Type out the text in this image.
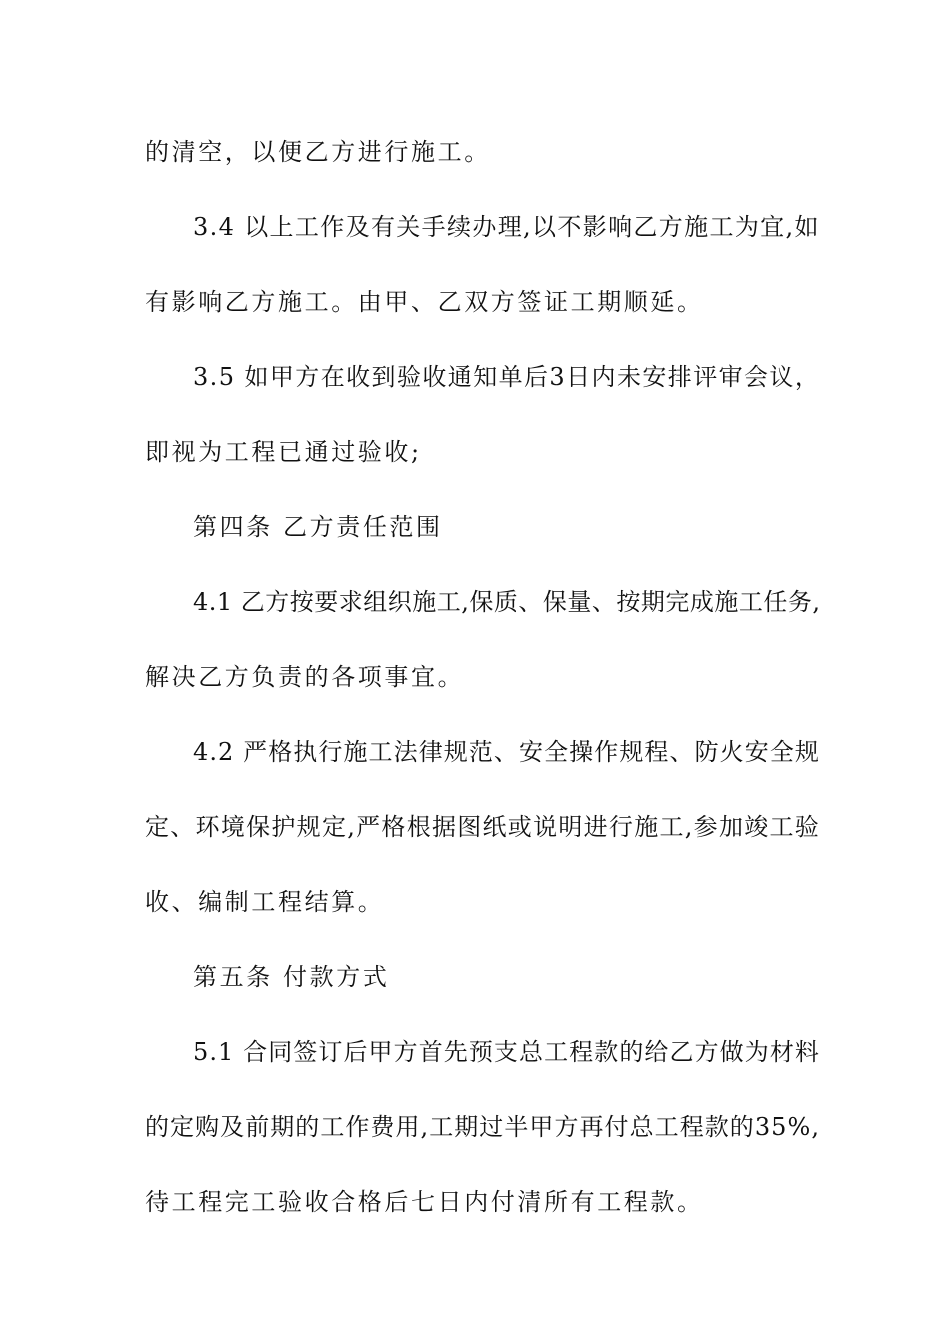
的清空，以便乙方进行施工。
3.4 以上工作及有关手续办理,以不影响乙方施工为宜,如
有影响乙方施工。由甲、乙双方签证工期顺延。
3.5 如甲方在收到验收通知单后3日内未安排评审会议，
即视为工程已通过验收;
第四条 乙方责任范围
4.1 乙方按要求组织施工,保质、保量、按期完成施工任务,
解决乙方负责的各项事宜。
4.2 严格执行施工法律规范、安全操作规程、防火安全规
定、环境保护规定,严格根据图纸或说明进行施工,参加竣工验
收、编制工程结算。
第五条 付款方式
5.1 合同签订后甲方首先预支总工程款的给乙方做为材料
的定购及前期的工作费用,工期过半甲方再付总工程款的35%,
待工程完工验收合格后七日内付清所有工程款。
